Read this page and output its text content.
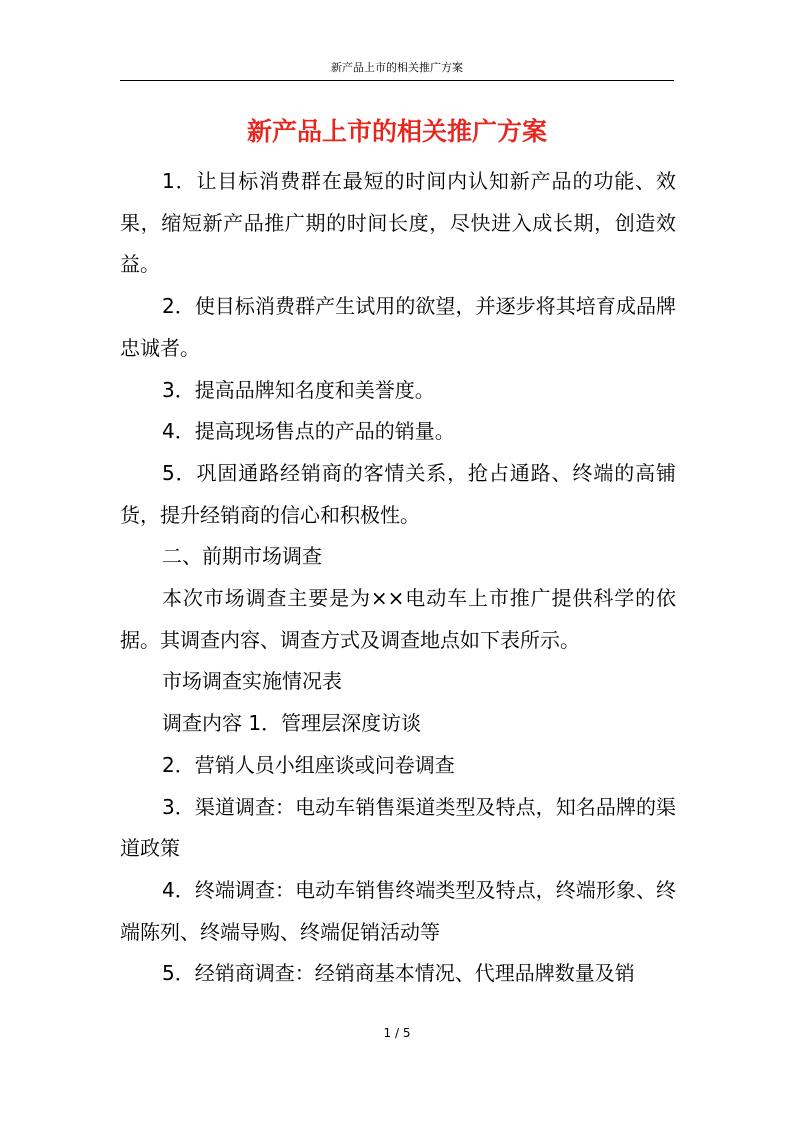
新产品上市的相关推广方案
新产品上市的相关推广方案

1．让目标消费群在最短的时间内认知新产品的功能、效果，缩短新产品推广期的时间长度，尽快进入成长期，创造效益。

2．使目标消费群产生试用的欲望，并逐步将其培育成品牌忠诚者。

3．提高品牌知名度和美誉度。

4．提高现场售点的产品的销量。

5．巩固通路经销商的客情关系，抢占通路、终端的高铺货，提升经销商的信心和积极性。

二、前期市场调查

本次市场调查主要是为××电动车上市推广提供科学的依据。其调查内容、调查方式及调查地点如下表所示。

市场调查实施情况表

调查内容 1．管理层深度访谈

2．营销人员小组座谈或问卷调查

3．渠道调查：电动车销售渠道类型及特点，知名品牌的渠道政策

4．终端调查：电动车销售终端类型及特点，终端形象、终端陈列、终端导购、终端促销活动等

5．经销商调查：经销商基本情况、代理品牌数量及销

1 / 5
